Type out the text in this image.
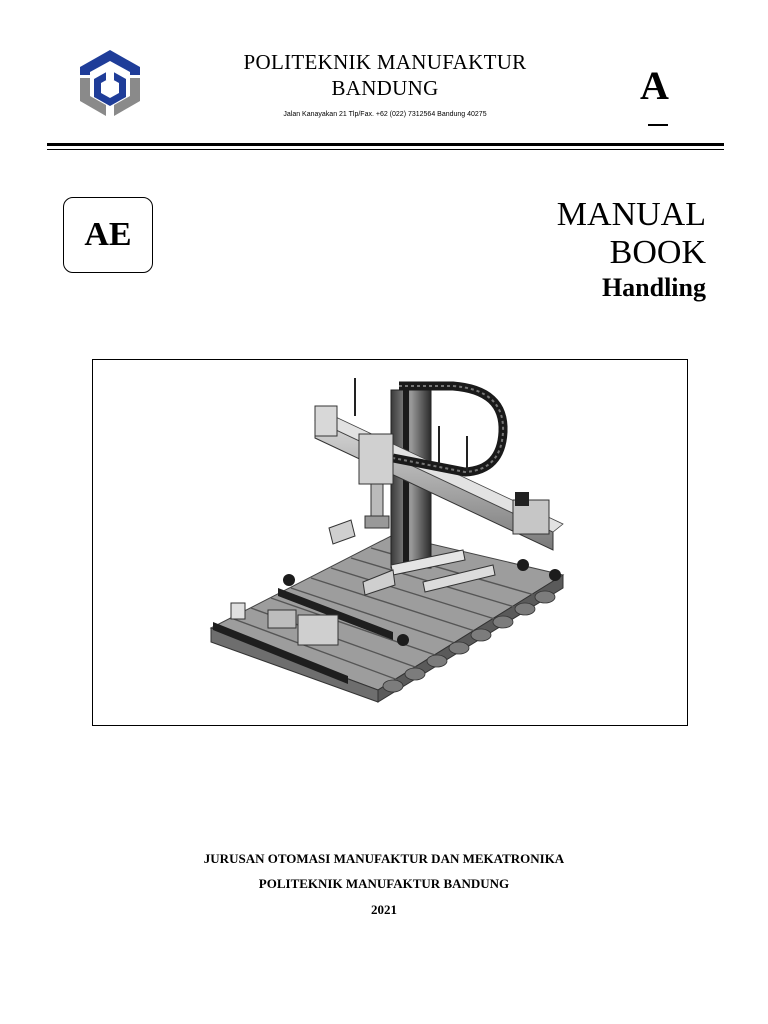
POLITEKNIK MANUFAKTUR
BANDUNG
Jalan Kanayakan 21 Tlp/Fax. +62 (022) 7312564 Bandung 40275
A
AE
MANUAL
BOOK
Handling
JURUSAN OTOMASI MANUFAKTUR DAN MEKATRONIKA
POLITEKNIK MANUFAKTUR BANDUNG
2021
